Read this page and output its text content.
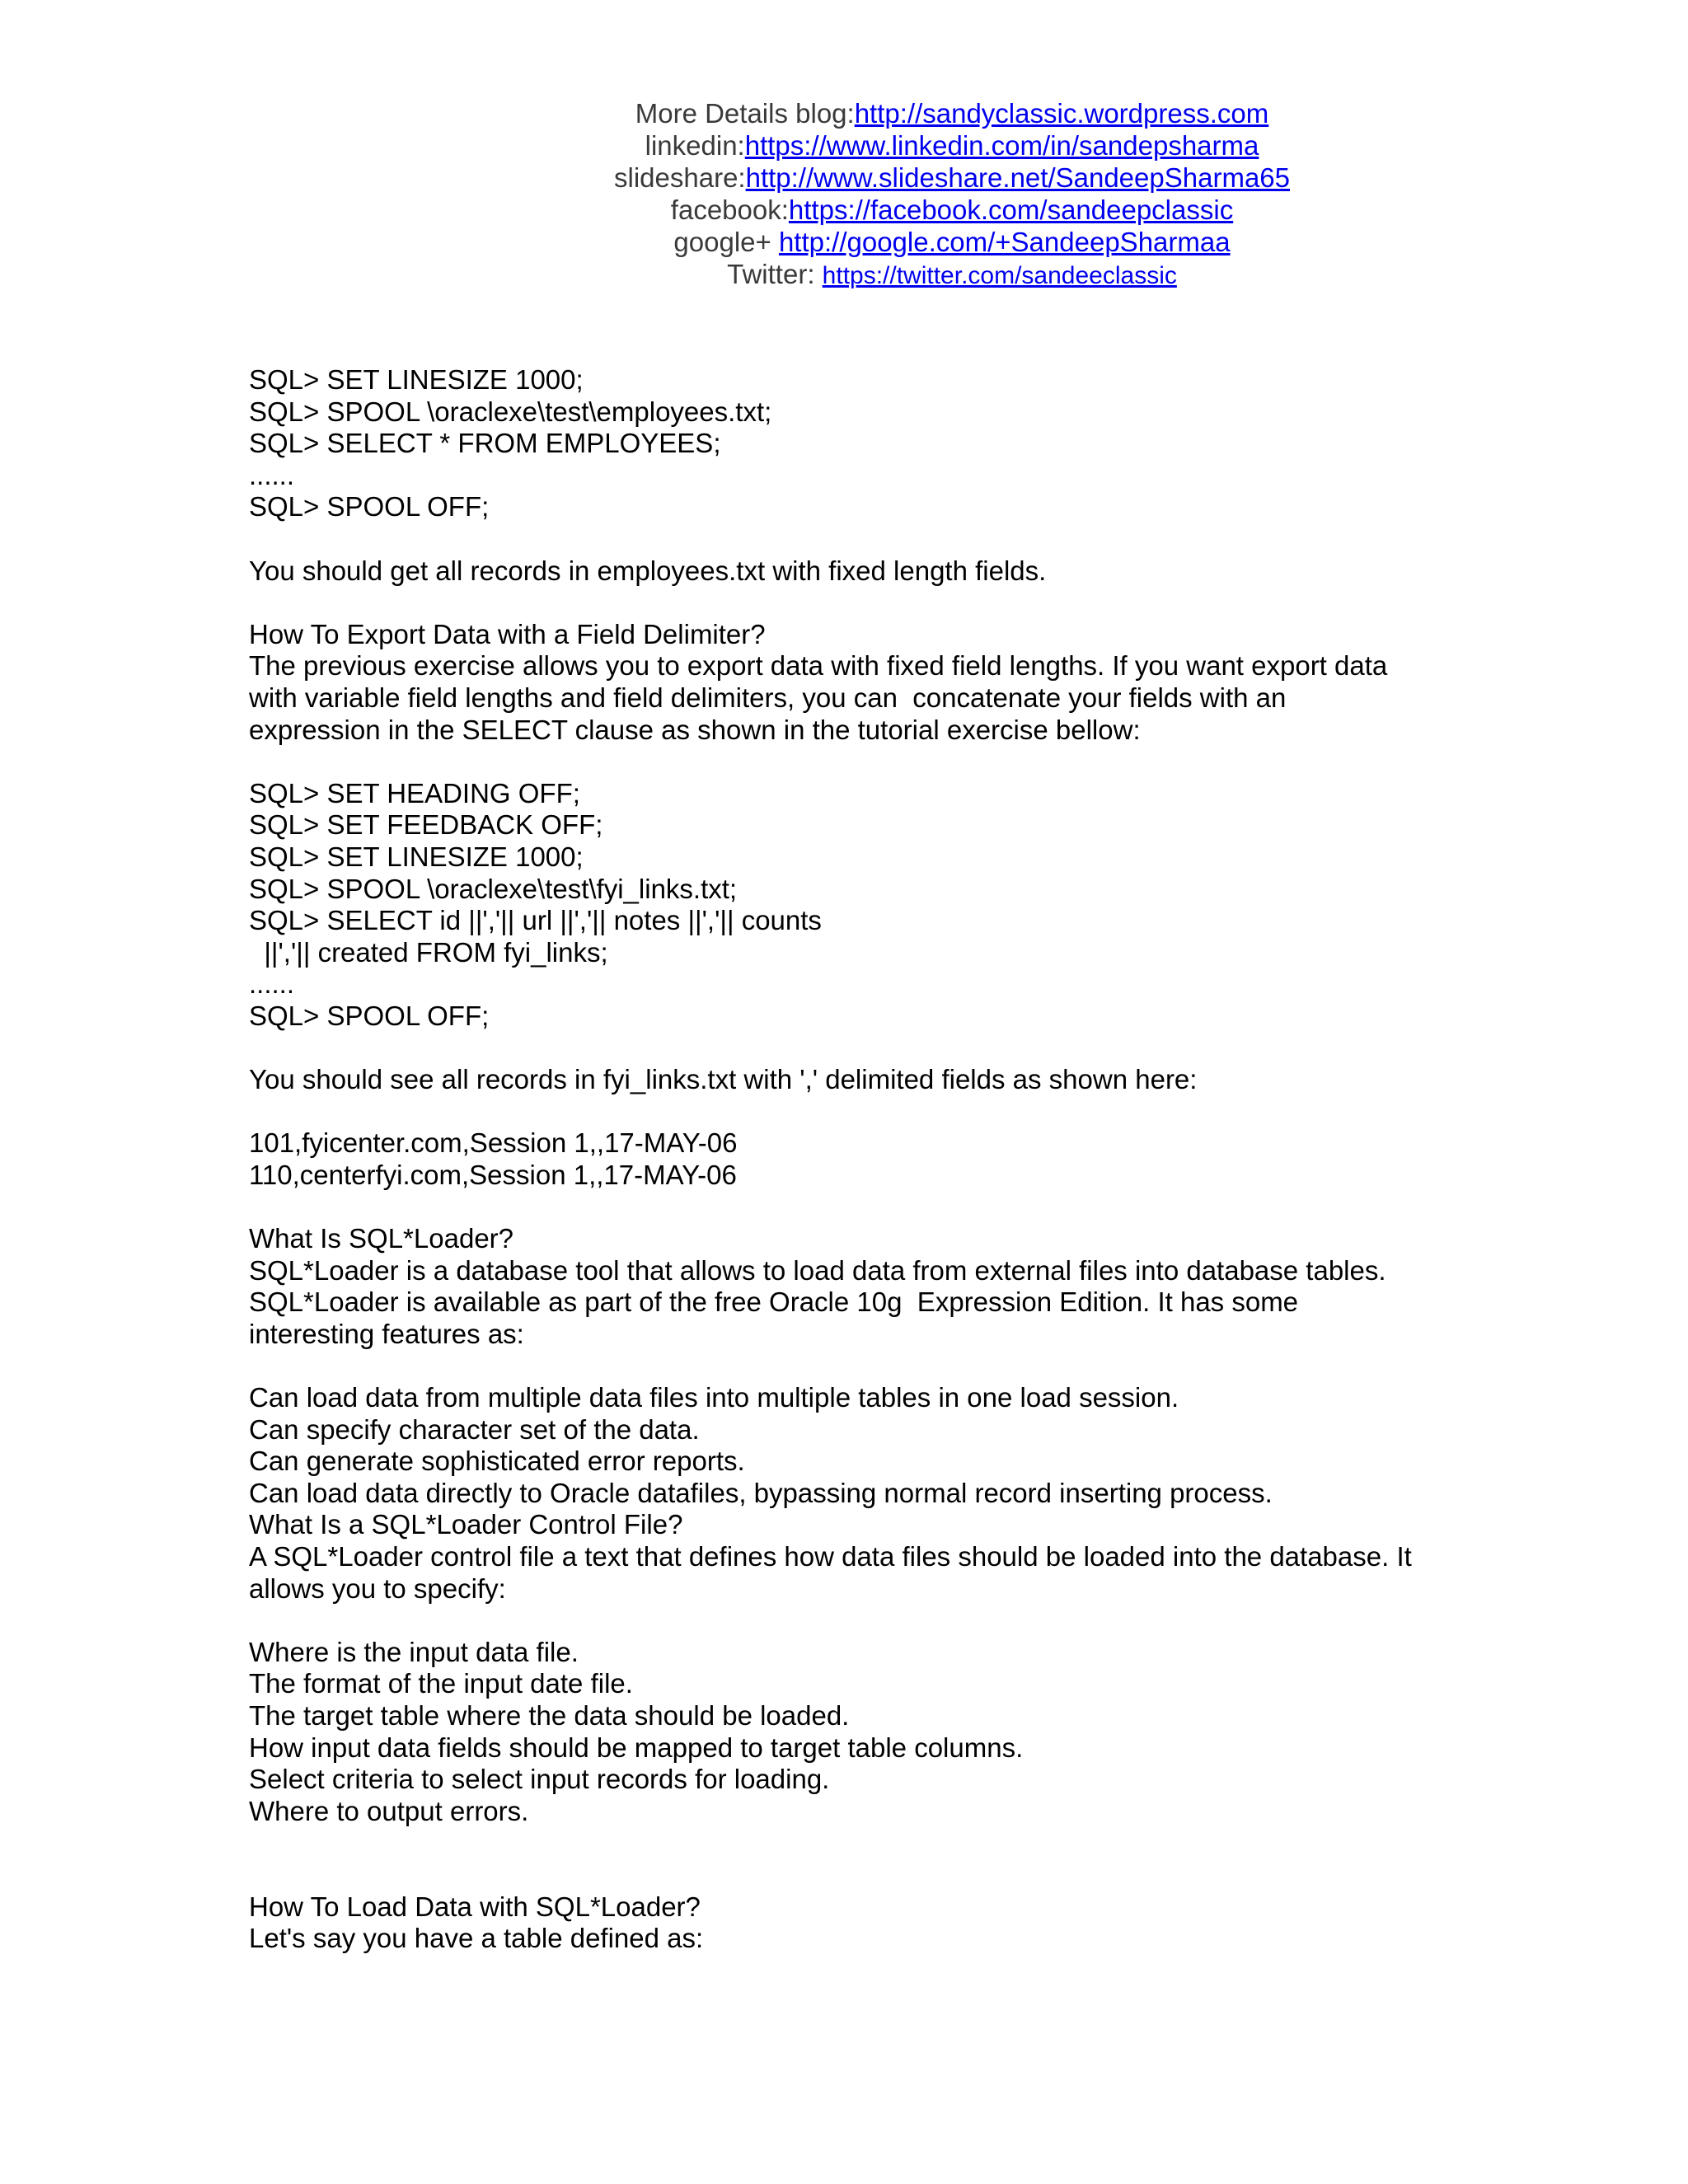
More Details blog:http://sandyclassic.wordpress.com
linkedin:https://www.linkedin.com/in/sandepsharma
slideshare:http://www.slideshare.net/SandeepSharma65
facebook:https://facebook.com/sandeepclassic
google+ http://google.com/+SandeepSharmaa
Twitter: https://twitter.com/sandeeclassic
SQL> SET LINESIZE 1000;
SQL> SPOOL \oraclexe\test\employees.txt;
SQL> SELECT * FROM EMPLOYEES;
......
SQL> SPOOL OFF;
You should get all records in employees.txt with fixed length fields.
How To Export Data with a Field Delimiter?
The previous exercise allows you to export data with fixed field lengths. If you want export data
with variable field lengths and field delimiters, you can  concatenate your fields with an
expression in the SELECT clause as shown in the tutorial exercise bellow:
SQL> SET HEADING OFF;
SQL> SET FEEDBACK OFF;
SQL> SET LINESIZE 1000;
SQL> SPOOL \oraclexe\test\fyi_links.txt;
SQL> SELECT id ||','|| url ||','|| notes ||','|| counts
||','|| created FROM fyi_links;
......
SQL> SPOOL OFF;
You should see all records in fyi_links.txt with ',' delimited fields as shown here:
101,fyicenter.com,Session 1,,17-MAY-06
110,centerfyi.com,Session 1,,17-MAY-06
What Is SQL*Loader?
SQL*Loader is a database tool that allows to load data from external files into database tables.
SQL*Loader is available as part of the free Oracle 10g  Expression Edition. It has some
interesting features as:
Can load data from multiple data files into multiple tables in one load session.
Can specify character set of the data.
Can generate sophisticated error reports.
Can load data directly to Oracle datafiles, bypassing normal record inserting process.
What Is a SQL*Loader Control File?
A SQL*Loader control file a text that defines how data files should be loaded into the database. It
allows you to specify:
Where is the input data file.
The format of the input date file.
The target table where the data should be loaded.
How input data fields should be mapped to target table columns.
Select criteria to select input records for loading.
Where to output errors.
How To Load Data with SQL*Loader?
Let's say you have a table defined as:
